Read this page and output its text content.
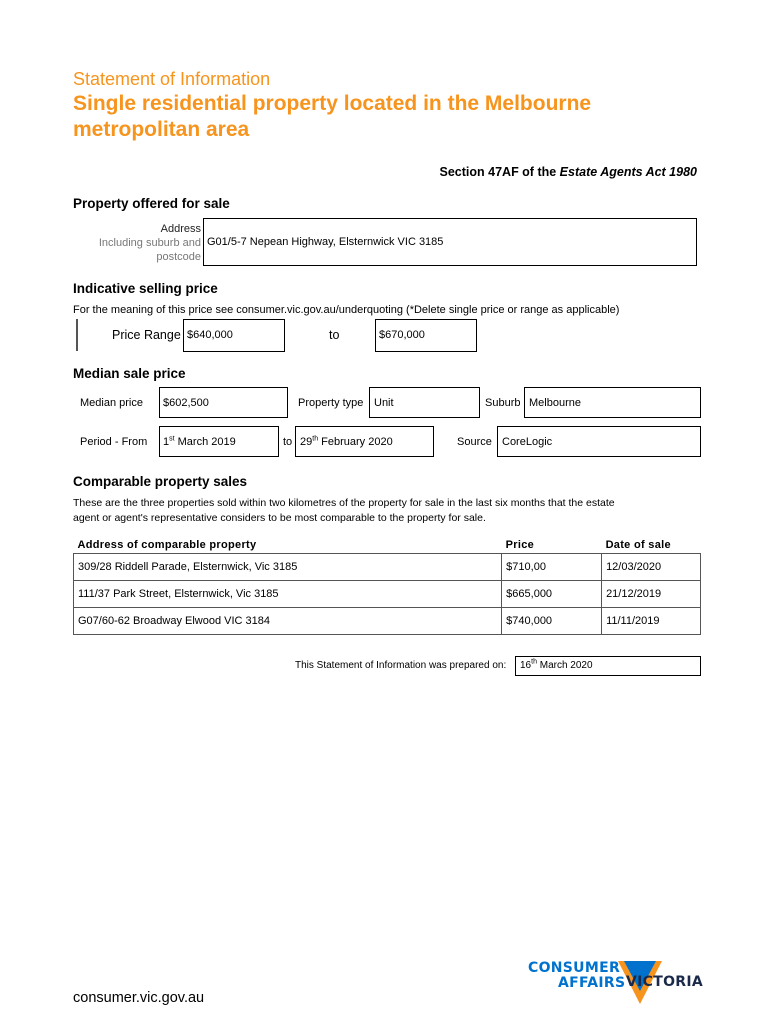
Statement of Information
Single residential property located in the Melbourne
metropolitan area
Section 47AF of the Estate Agents Act 1980
Property offered for sale
Address
Including suburb and
postcode
G01/5-7 Nepean Highway, Elsternwick VIC 3185
Indicative selling price
For the meaning of this price see consumer.vic.gov.au/underquoting (*Delete single price or range as applicable)
Price Range $640,000	to	$670,000
Median sale price
Median price $602,500	Property type Unit	Suburb Melbourne
Period - From 1st March 2019	to 29th February 2020	Source CoreLogic
Comparable property sales
These are the three properties sold within two kilometres of the property for sale in the last six months that the estate
agent or agent's representative considers to be most comparable to the property for sale.
Address of comparable property	Price	Date of sale
309/28 Riddell Parade, Elsternwick, Vic 3185	$710,00	12/03/2020
111/37 Park Street, Elsternwick, Vic 3185	$665,000	21/12/2019
G07/60-62 Broadway Elwood VIC 3184	$740,000	11/11/2019
This Statement of Information was prepared on: 16th March 2020
consumer.vic.gov.au
CONSUMER
AFFAIRS VICTORIA
